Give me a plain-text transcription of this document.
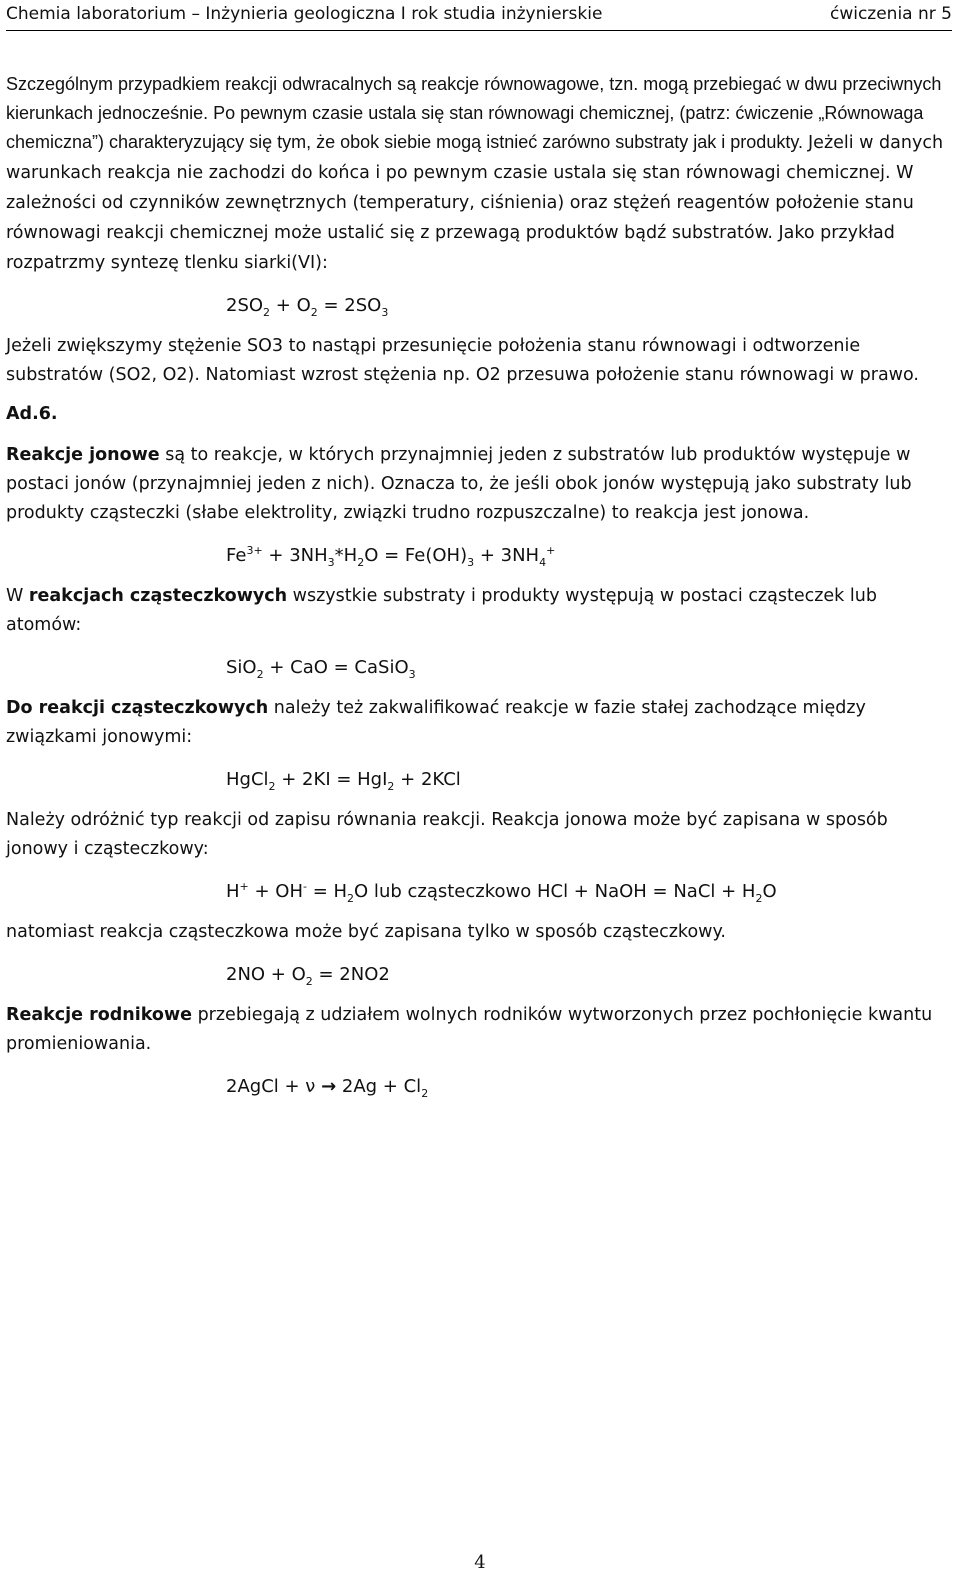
Chemia laboratorium – Inżynieria geologiczna I rok studia inżynierskie	ćwiczenia nr 5

Szczególnym przypadkiem reakcji odwracalnych są reakcje równowagowe, tzn. mogą przebiegać w dwu przeciwnych kierunkach jednocześnie. Po pewnym czasie ustala się stan równowagi chemicznej, (patrz: ćwiczenie „Równowaga chemiczna”) charakteryzujący się tym, że obok siebie mogą istnieć zarówno substraty jak i produkty. Jeżeli w danych warunkach reakcja nie zachodzi do końca i po pewnym czasie ustala się stan równowagi chemicznej. W zależności od czynników zewnętrznych (temperatury, ciśnienia) oraz stężeń reagentów położenie stanu równowagi reakcji chemicznej może ustalić się z przewagą produktów bądź substratów. Jako przykład rozpatrzmy syntezę tlenku siarki(VI):

$2SO_2 + O_2 = 2SO_3$

Jeżeli zwiększymy stężenie SO3 to nastąpi przesunięcie położenia stanu równowagi i odtworzenie substratów (SO2, O2). Natomiast wzrost stężenia np. O2 przesuwa położenie stanu równowagi w prawo.

Ad.6.

Reakcje jonowe są to reakcje, w których przynajmniej jeden z substratów lub produktów występuje w postaci jonów (przynajmniej jeden z nich). Oznacza to, że jeśli obok jonów występują jako substraty lub produkty cząsteczki (słabe elektrolity, związki trudno rozpuszczalne) to reakcja jest jonowa.

$Fe^{3+} + 3NH_3*H_2O = Fe(OH)_3 + 3NH_4^+$

W reakcjach cząsteczkowych wszystkie substraty i produkty występują w postaci cząsteczek lub atomów:

SiO$_2$ + CaO = CaSiO$_3$

Do reakcji cząsteczkowych należy też zakwalifikować reakcje w fazie stałej zachodzące między związkami jonowymi:

HgCl$_2$ + 2KI = HgI$_2$ + 2KCl

Należy odróżnić typ reakcji od zapisu równania reakcji. Reakcja jonowa może być zapisana w sposób jonowy i cząsteczkowy:

$H^+ + OH^- = H_2O$ lub cząsteczkowo HCl + NaOH = NaCl + $H_2O$

natomiast reakcja cząsteczkowa może być zapisana tylko w sposób cząsteczkowy.

$2NO + O_2 = 2NO2$

Reakcje rodnikowe przebiegają z udziałem wolnych rodników wytworzonych przez pochłonięcie kwantu promieniowania.

2AgCl + $\nu \to 2Ag + Cl_2$
4
